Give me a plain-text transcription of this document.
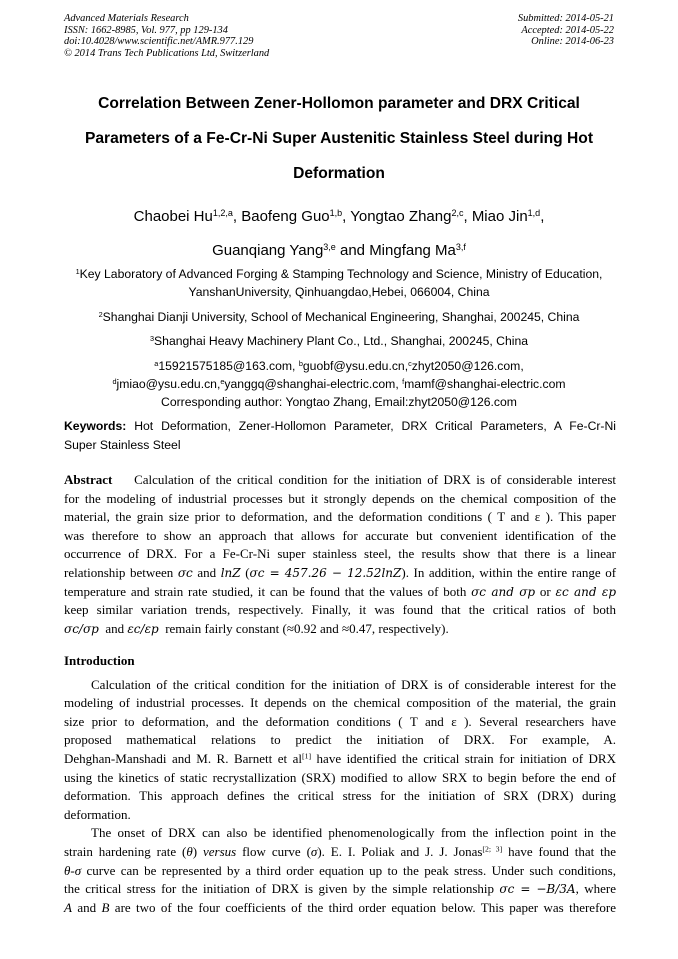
Advanced Materials Research
ISSN: 1662-8985, Vol. 977, pp 129-134
doi:10.4028/www.scientific.net/AMR.977.129
© 2014 Trans Tech Publications Ltd, Switzerland
Submitted: 2014-05-21
Accepted: 2014-05-22
Online: 2014-06-23
Correlation Between Zener-Hollomon parameter and DRX Critical
Parameters of a Fe-Cr-Ni Super Austenitic Stainless Steel during Hot
Deformation
Chaobei Hu$^{1,2,a}$, Baofeng Guo$^{1,b}$, Yongtao Zhang$^{2,c}$, Miao Jin$^{1,d}$,
Guanqiang Yang$^{3,e}$ and Mingfang Ma$^{3,f}$
$^1$Key Laboratory of Advanced Forging & Stamping Technology and Science, Ministry of Education,
YanshanUniversity, Qinhuangdao,Hebei, 066004, China
$^2$Shanghai Dianji University, School of Mechanical Engineering, Shanghai, 200245, China
$^3$Shanghai Heavy Machinery Plant Co., Ltd., Shanghai, 200245, China
$^a$15921575185@163.com, $^b$guobf@ysu.edu.cn,$^c$zhyt2050@126.com,
$^d$jmiao@ysu.edu.cn,$^e$yanggq@shanghai-electric.com, $^f$mamf@shanghai-electric.com
Corresponding author: Yongtao Zhang, Email:zhyt2050@126.com
Keywords: Hot Deformation, Zener-Hollomon Parameter, DRX Critical Parameters, A Fe-Cr-Ni
Super Stainless Steel
Abstract Calculation of the critical condition for the initiation of DRX is of considerable interest
for the modeling of industrial processes but it strongly depends on the chemical composition of the
material, the grain size prior to deformation, and the deformation conditions ( T and ε ). This paper
was therefore to show an approach that allows for accurate but convenient identification of the
occurrence of DRX. For a Fe-Cr-Ni super stainless steel, the results show that there is a linear
relationship between σc and lnZ (σc = 457.26 − 12.52lnZ). In addition, within the entire range of
temperature and strain rate studied, it can be found that the values of both σc and σp or εc and εp
keep similar variation trends, respectively. Finally, it was found that the critical ratios of both
σc/σp and εc/εp remain fairly constant (≈0.92 and ≈0.47, respectively).
Introduction
Calculation of the critical condition for the initiation of DRX is of considerable interest for the
modeling of industrial processes. It depends on the chemical composition of the material, the grain
size prior to deformation, and the deformation conditions ( T and ε ). Several researchers have
proposed mathematical relations to predict the initiation of DRX. For example, A.
Dehghan-Manshadi and M. R. Barnett et al[1] have identified the critical strain for initiation of DRX
using the kinetics of static recrystallization (SRX) modified to allow SRX to begin before the end of
deformation. This approach defines the critical stress for the initiation of SRX (DRX) during
deformation.
The onset of DRX can also be identified phenomenologically from the inflection point in the
strain hardening rate (θ) versus flow curve (σ). E. I. Poliak and J. J. Jonas[2; 3] have found that the
θ-σ curve can be represented by a third order equation up to the peak stress. Under such conditions,
the critical stress for the initiation of DRX is given by the simple relationship σc = −B/3A, where
A and B are two of the four coefficients of the third order equation below. This paper was therefore
